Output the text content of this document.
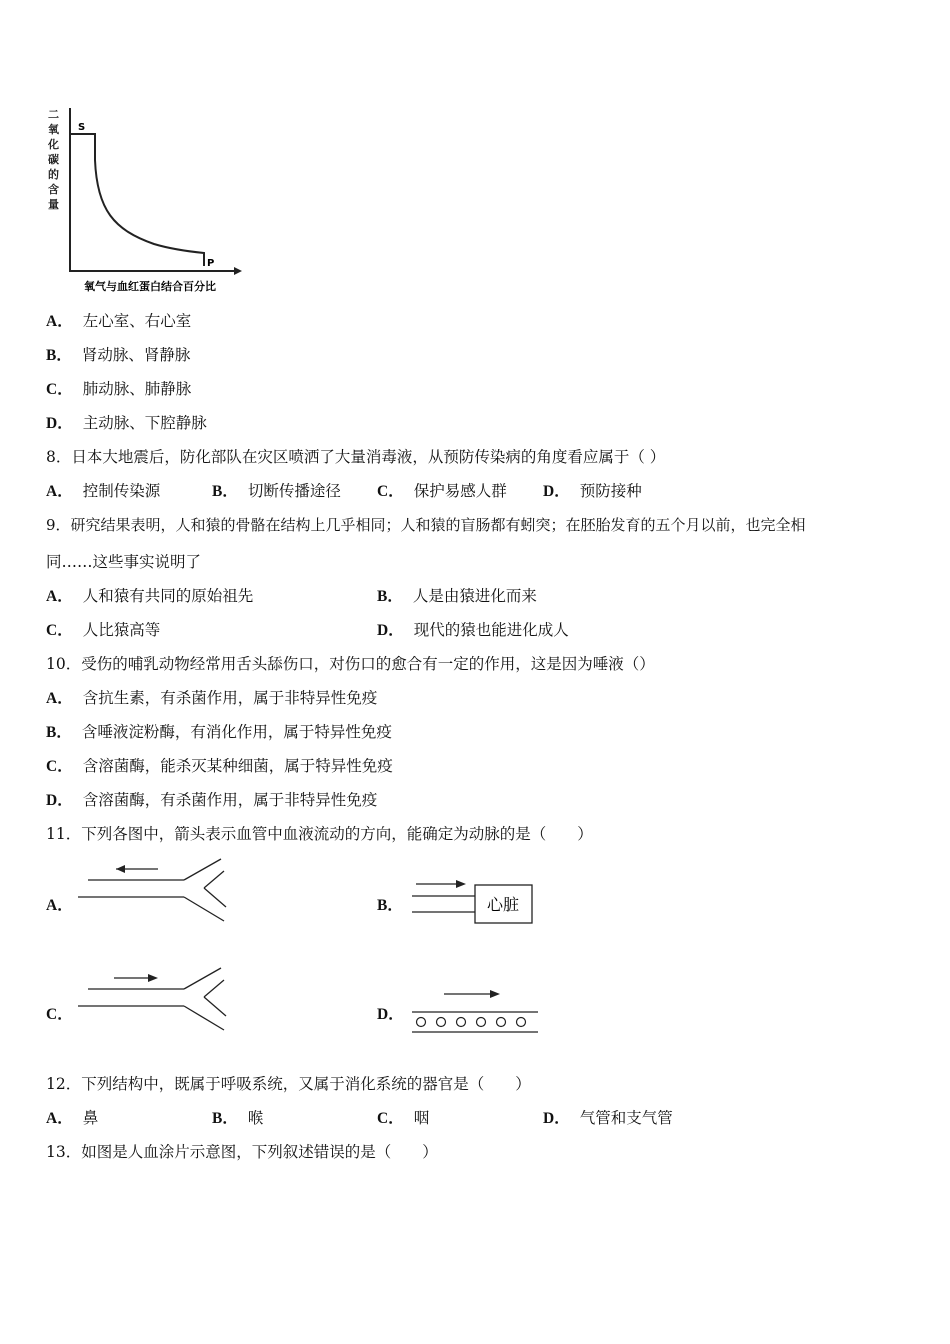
二
氧
化
碳
的
含
量
S
P
氧气与血红蛋白结合百分比
A． 左心室、右心室
B． 肾动脉、肾静脉
C． 肺动脉、肺静脉
D． 主动脉、下腔静脉
8．日本大地震后，防化部队在灾区喷洒了大量消毒液，从预防传染病的角度看应属于（ ）
A． 控制传染源	B． 切断传播途径 C． 保护易感人群 D． 预防接种
9．研究结果表明，人和猿的骨骼在结构上几乎相同；人和猿的盲肠都有蚓突；在胚胎发育的五个月以前，也完全相
同……这些事实说明了
A． 人和猿有共同的原始祖先	B． 人是由猿进化而来
C． 人比猿高等	D． 现代的猿也能进化成人
10．受伤的哺乳动物经常用舌头舔伤口，对伤口的愈合有一定的作用，这是因为唾液（）
A． 含抗生素，有杀菌作用，属于非特异性免疫
B． 含唾液淀粉酶，有消化作用，属于特异性免疫
C． 含溶菌酶，能杀灭某种细菌，属于特异性免疫
D． 含溶菌酶，有杀菌作用，属于非特异性免疫
11．下列各图中，箭头表示血管中血液流动的方向，能确定为动脉的是（　　）
A．	B．	心脏
C．	D．
12．下列结构中，既属于呼吸系统，又属于消化系统的器官是（　　）
A． 鼻	B． 喉	C． 咽	D． 气管和支气管
13．如图是人血涂片示意图，下列叙述错误的是（　　）
